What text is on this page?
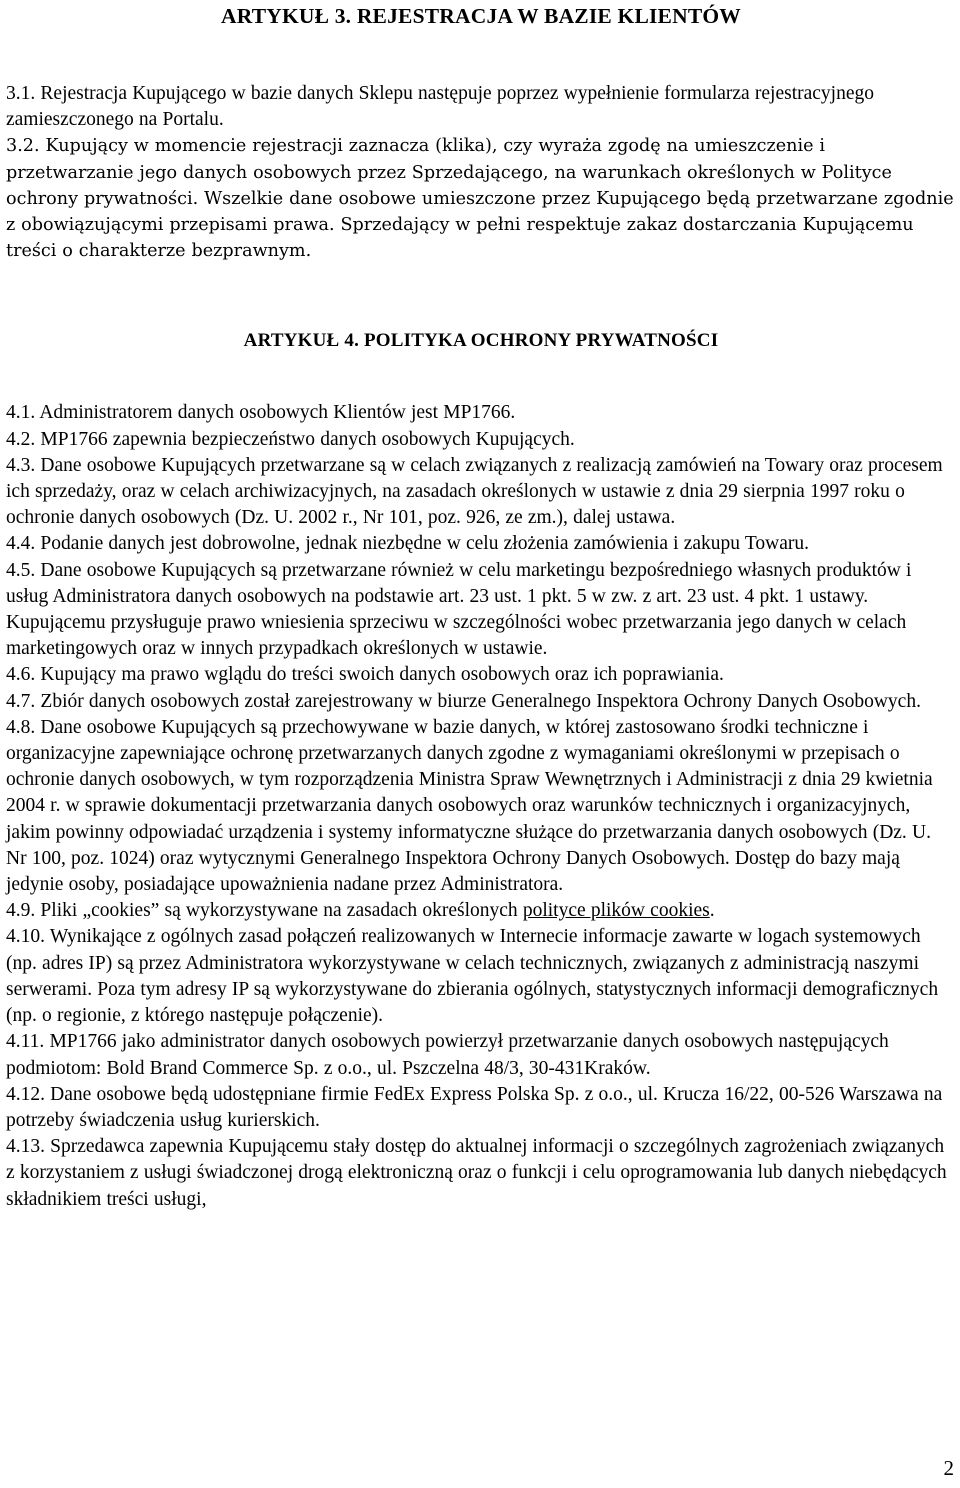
ARTYKUŁ 3. REJESTRACJA W BAZIE KLIENTÓW

3.1. Rejestracja Kupującego w bazie danych Sklepu następuje poprzez wypełnienie formularza rejestracyjnego zamieszczonego na Portalu.

3.2. Kupujący w momencie rejestracji zaznacza (klika), czy wyraża zgodę na umieszczenie i przetwarzanie jego danych osobowych przez Sprzedającego, na warunkach określonych w Polityce ochrony prywatności. Wszelkie dane osobowe umieszczone przez Kupującego będą przetwarzane zgodnie z obowiązującymi przepisami prawa. Sprzedający w pełni respektuje zakaz dostarczania Kupującemu treści o charakterze bezprawnym.

ARTYKUŁ 4. POLITYKA OCHRONY PRYWATNOŚCI

4.1. Administratorem danych osobowych Klientów jest MP1766.

4.2. MP1766 zapewnia bezpieczeństwo danych osobowych Kupujących.

4.3. Dane osobowe Kupujących przetwarzane są w celach związanych z realizacją zamówień na Towary oraz procesem ich sprzedaży, oraz w celach archiwizacyjnych, na zasadach określonych w ustawie z dnia 29 sierpnia 1997 roku o ochronie danych osobowych (Dz. U. 2002 r., Nr 101, poz. 926, ze zm.), dalej ustawa.

4.4. Podanie danych jest dobrowolne, jednak niezbędne w celu złożenia zamówienia i zakupu Towaru.

4.5. Dane osobowe Kupujących są przetwarzane również w celu marketingu bezpośredniego własnych produktów i usług Administratora danych osobowych na podstawie art. 23 ust. 1 pkt. 5 w zw. z art. 23 ust. 4 pkt. 1 ustawy. Kupującemu przysługuje prawo wniesienia sprzeciwu w szczególności wobec przetwarzania jego danych w celach marketingowych oraz w innych przypadkach określonych w ustawie.

4.6. Kupujący ma prawo wglądu do treści swoich danych osobowych oraz ich poprawiania.

4.7. Zbiór danych osobowych został zarejestrowany w biurze Generalnego Inspektora Ochrony Danych Osobowych.

4.8. Dane osobowe Kupujących są przechowywane w bazie danych, w której zastosowano środki techniczne i organizacyjne zapewniające ochronę przetwarzanych danych zgodne z wymaganiami określonymi w przepisach o ochronie danych osobowych, w tym rozporządzenia Ministra Spraw Wewnętrznych i Administracji z dnia 29 kwietnia 2004 r. w sprawie dokumentacji przetwarzania danych osobowych oraz warunków technicznych i organizacyjnych, jakim powinny odpowiadać urządzenia i systemy informatyczne służące do przetwarzania danych osobowych (Dz. U. Nr 100, poz. 1024) oraz wytycznymi Generalnego Inspektora Ochrony Danych Osobowych. Dostęp do bazy mają jedynie osoby, posiadające upoważnienia nadane przez Administratora.

4.9. Pliki „cookies” są wykorzystywane na zasadach określonych polityce plików cookies.

4.10. Wynikające z ogólnych zasad połączeń realizowanych w Internecie informacje zawarte w logach systemowych (np. adres IP) są przez Administratora wykorzystywane w celach technicznych, związanych z administracją naszymi serwerami. Poza tym adresy IP są wykorzystywane do zbierania ogólnych, statystycznych informacji demograficznych (np. o regionie, z którego następuje połączenie).

4.11. MP1766 jako administrator danych osobowych powierzył przetwarzanie danych osobowych następujących podmiotom: Bold Brand Commerce Sp. z o.o., ul. Pszczelna 48/3, 30-431Kraków.

4.12. Dane osobowe będą udostępniane firmie FedEx Express Polska Sp. z o.o., ul. Krucza 16/22, 00-526 Warszawa na potrzeby świadczenia usług kurierskich.

4.13. Sprzedawca zapewnia Kupującemu stały dostęp do aktualnej informacji o szczególnych zagrożeniach związanych z korzystaniem z usługi świadczonej drogą elektroniczną oraz o funkcji i celu oprogramowania lub danych niebędących składnikiem treści usługi,

2
